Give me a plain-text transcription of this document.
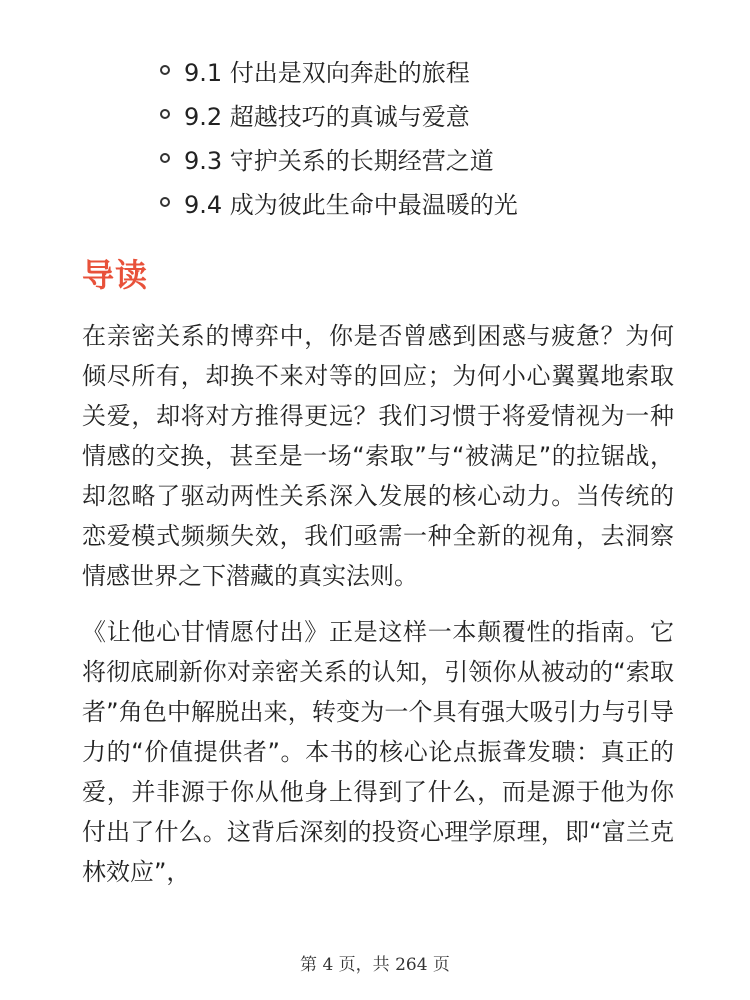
9.1 付出是双向奔赴的旅程
9.2 超越技巧的真诚与爱意
9.3 守护关系的长期经营之道
9.4 成为彼此生命中最温暖的光
导读

在亲密关系的博弈中，你是否曾感到困惑与疲惫？为何倾尽所有，却换不来对等的回应；为何小心翼翼地索取关爱，却将对方推得更远？我们习惯于将爱情视为一种情感的交换，甚至是一场“索取”与“被满足”的拉锯战，却忽略了驱动两性关系深入发展的核心动力。当传统的恋爱模式频频失效，我们亟需一种全新的视角，去洞察情感世界之下潜藏的真实法则。

《让他心甘情愿付出》正是这样一本颠覆性的指南。它将彻底刷新你对亲密关系的认知，引领你从被动的“索取者”角色中解脱出来，转变为一个具有强大吸引力与引导力的“价值提供者”。本书的核心论点振聋发聩：真正的爱，并非源于你从他身上得到了什么，而是源于他为你付出了什么。这背后深刻的投资心理学原理，即“富兰克林效应”，

第 4 页，共 264 页
